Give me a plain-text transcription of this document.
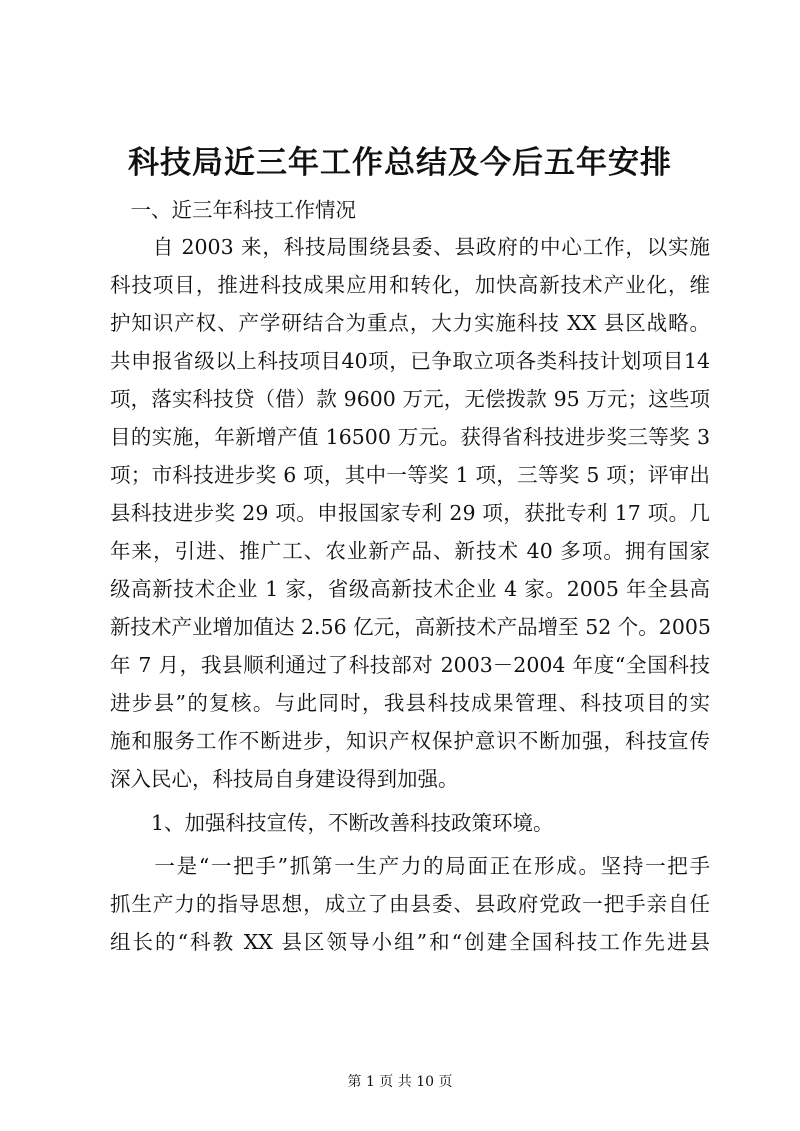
科技局近三年工作总结及今后五年安排
　一、近三年科技工作情况
　　自 2003 来，科技局围绕县委、县政府的中心工作，以实施
科技项目，推进科技成果应用和转化，加快高新技术产业化，维
护知识产权、产学研结合为重点，大力实施科技 XX 县区战略。
共申报省级以上科技项目40项，已争取立项各类科技计划项目14
项，落实科技贷（借）款 9600 万元，无偿拨款 95 万元；这些项
目的实施，年新增产值 16500 万元。获得省科技进步奖三等奖 3
项；市科技进步奖 6 项，其中一等奖 1 项，三等奖 5 项；评审出
县科技进步奖 29 项。申报国家专利 29 项，获批专利 17 项。几
年来，引进、推广工、农业新产品、新技术 40 多项。拥有国家
级高新技术企业 1 家，省级高新技术企业 4 家。2005 年全县高
新技术产业增加值达 2.56 亿元，高新技术产品增至 52 个。2005
年 7 月，我县顺利通过了科技部对 2003－2004 年度“全国科技
进步县”的复核。与此同时，我县科技成果管理、科技项目的实
施和服务工作不断进步，知识产权保护意识不断加强，科技宣传
深入民心，科技局自身建设得到加强。
　　1、加强科技宣传，不断改善科技政策环境。
　　一是“一把手”抓第一生产力的局面正在形成。坚持一把手
抓生产力的指导思想，成立了由县委、县政府党政一把手亲自任
组长的“科教 XX 县区领导小组”和“创建全国科技工作先进县
第 1 页 共 10 页
